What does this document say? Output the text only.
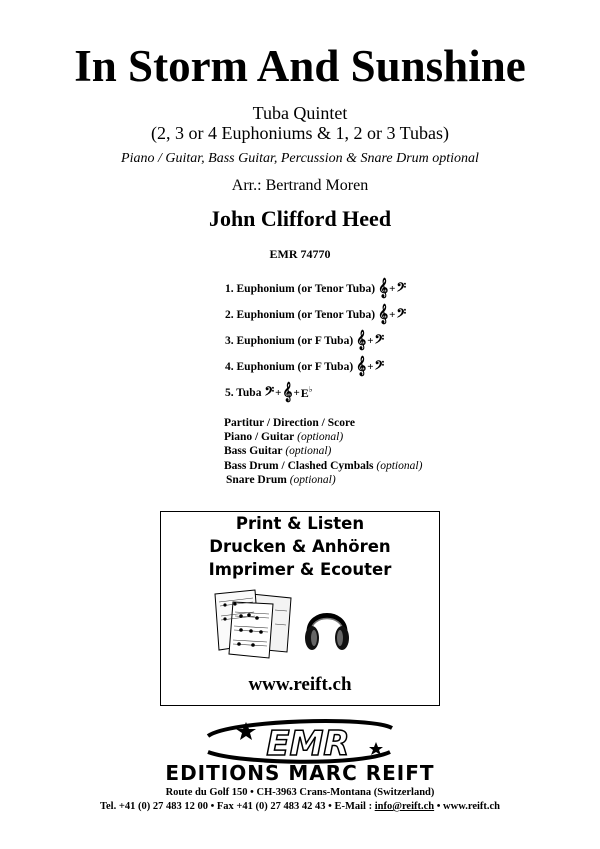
In Storm And Sunshine
Tuba Quintet
(2, 3 or 4 Euphoniums & 1, 2 or 3 Tubas)
Piano / Guitar, Bass Guitar, Percussion & Snare Drum optional
Arr.: Bertrand Moren
John Clifford Heed
EMR 74770
1. Euphonium (or Tenor Tuba) 𝄞 + 𝄢
2. Euphonium (or Tenor Tuba) 𝄞 + 𝄢
3. Euphonium (or F Tuba) 𝄞 + 𝄢
4. Euphonium (or F Tuba) 𝄞 + 𝄢
5. Tuba 𝄢 + 𝄞 + E ♭
Partitur / Direction / Score
Piano / Guitar (optional)
Bass Guitar (optional)
Bass Drum / Clashed Cymbals (optional)
Snare Drum (optional)
Print & Listen
Drucken & Anhören
Imprimer & Ecouter
www.reift.ch
EMR
EDITIONS MARC REIFT
Route du Golf 150 • CH-3963 Crans-Montana (Switzerland)
Tel. +41 (0) 27 483 12 00 • Fax +41 (0) 27 483 42 43 • E-Mail : info@reift.ch • www.reift.ch
